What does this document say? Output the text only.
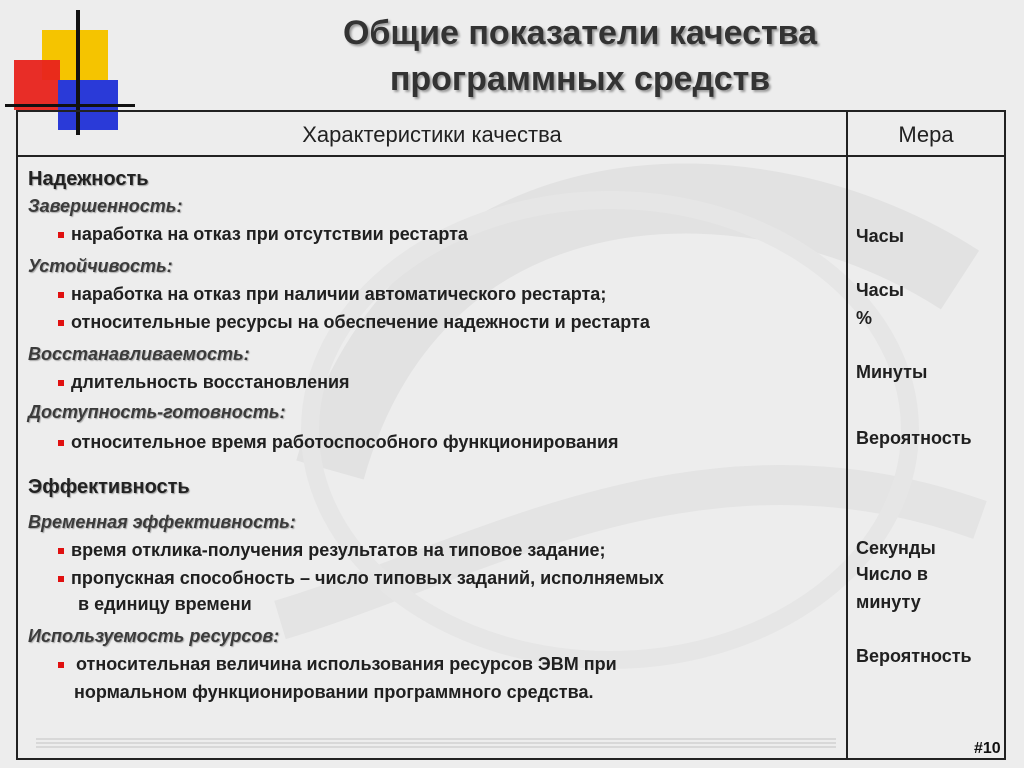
Общие показатели качества
программных средств
Характеристики качества	Мера
Надежность
Завершенность:
наработка на отказ при отсутствии рестарта
Устойчивость:
наработка на отказ при наличии автоматического рестарта;
относительные ресурсы на обеспечение надежности и рестарта
Восстанавливаемость:
длительность восстановления
Доступность-готовность:
относительное время работоспособного функционирования
Эффективность
Временная эффективность:
время отклика-получения результатов на типовое задание;
пропускная способность – число типовых заданий, исполняемых
в единицу времени
Используемость ресурсов:
относительная величина использования ресурсов ЭВМ при
нормальном функционировании программного средства.
Часы
Часы
%
Минуты
Вероятность
Секунды
Число в
минуту
Вероятность
#10
